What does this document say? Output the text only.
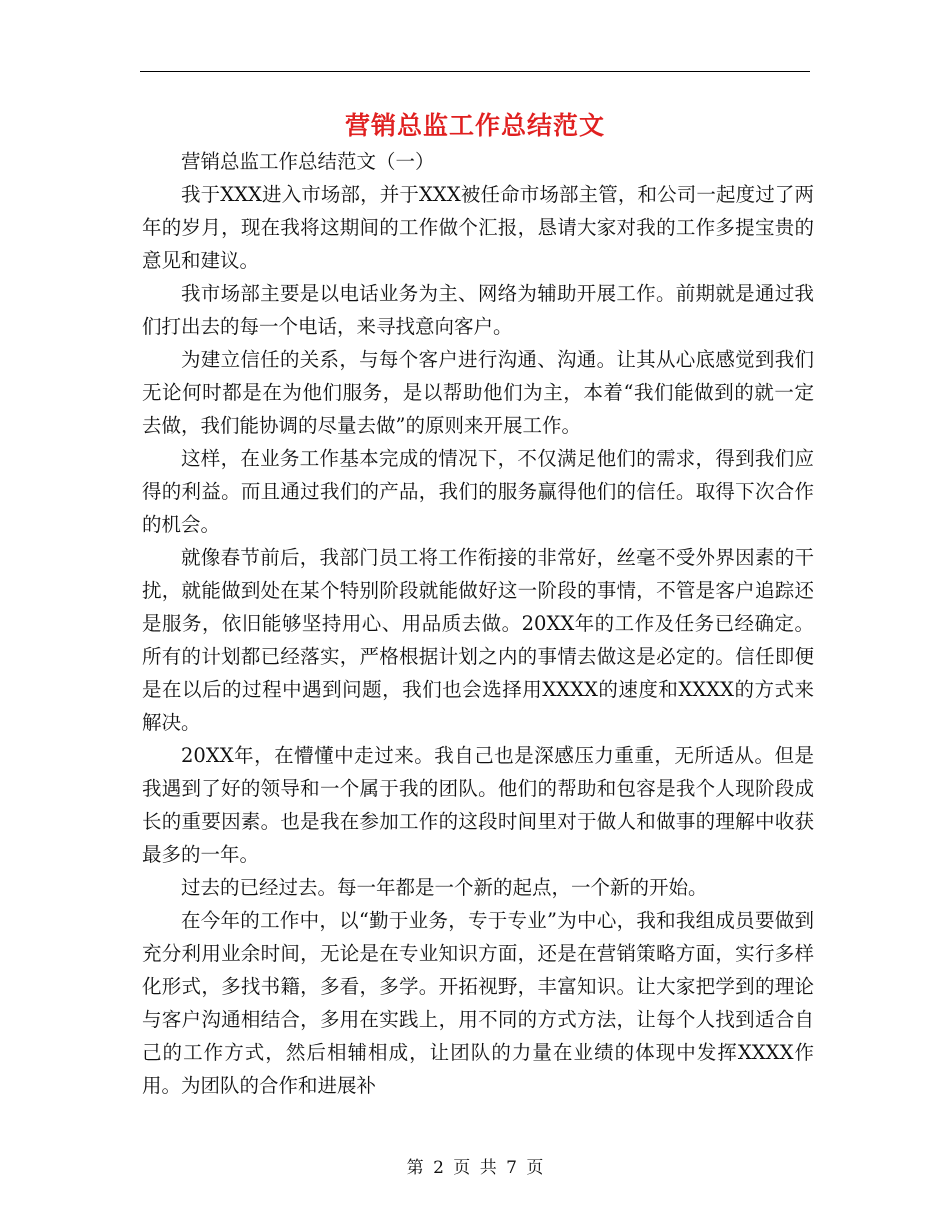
营销总监工作总结范文

营销总监工作总结范文（一）

我于XXX进入市场部，并于XXX被任命市场部主管，和公司一起度过了两年的岁月，现在我将这期间的工作做个汇报，恳请大家对我的工作多提宝贵的意见和建议。

我市场部主要是以电话业务为主、网络为辅助开展工作。前期就是通过我们打出去的每一个电话，来寻找意向客户。

为建立信任的关系，与每个客户进行沟通、沟通。让其从心底感觉到我们无论何时都是在为他们服务，是以帮助他们为主，本着“我们能做到的就一定去做，我们能协调的尽量去做”的原则来开展工作。

这样，在业务工作基本完成的情况下，不仅满足他们的需求，得到我们应得的利益。而且通过我们的产品，我们的服务赢得他们的信任。取得下次合作的机会。

就像春节前后，我部门员工将工作衔接的非常好，丝毫不受外界因素的干扰，就能做到处在某个特别阶段就能做好这一阶段的事情，不管是客户追踪还是服务，依旧能够坚持用心、用品质去做。20XX年的工作及任务已经确定。所有的计划都已经落实，严格根据计划之内的事情去做这是必定的。信任即便是在以后的过程中遇到问题，我们也会选择用XXXX的速度和XXXX的方式来解决。

20XX年，在懵懂中走过来。我自己也是深感压力重重，无所适从。但是我遇到了好的领导和一个属于我的团队。他们的帮助和包容是我个人现阶段成长的重要因素。也是我在参加工作的这段时间里对于做人和做事的理解中收获最多的一年。

过去的已经过去。每一年都是一个新的起点，一个新的开始。

在今年的工作中，以“勤于业务，专于专业”为中心，我和我组成员要做到充分利用业余时间，无论是在专业知识方面，还是在营销策略方面，实行多样化形式，多找书籍，多看，多学。开拓视野，丰富知识。让大家把学到的理论与客户沟通相结合，多用在实践上，用不同的方式方法，让每个人找到适合自己的工作方式，然后相辅相成，让团队的力量在业绩的体现中发挥XXXX作用。为团队的合作和进展补

第 2 页 共 7 页
